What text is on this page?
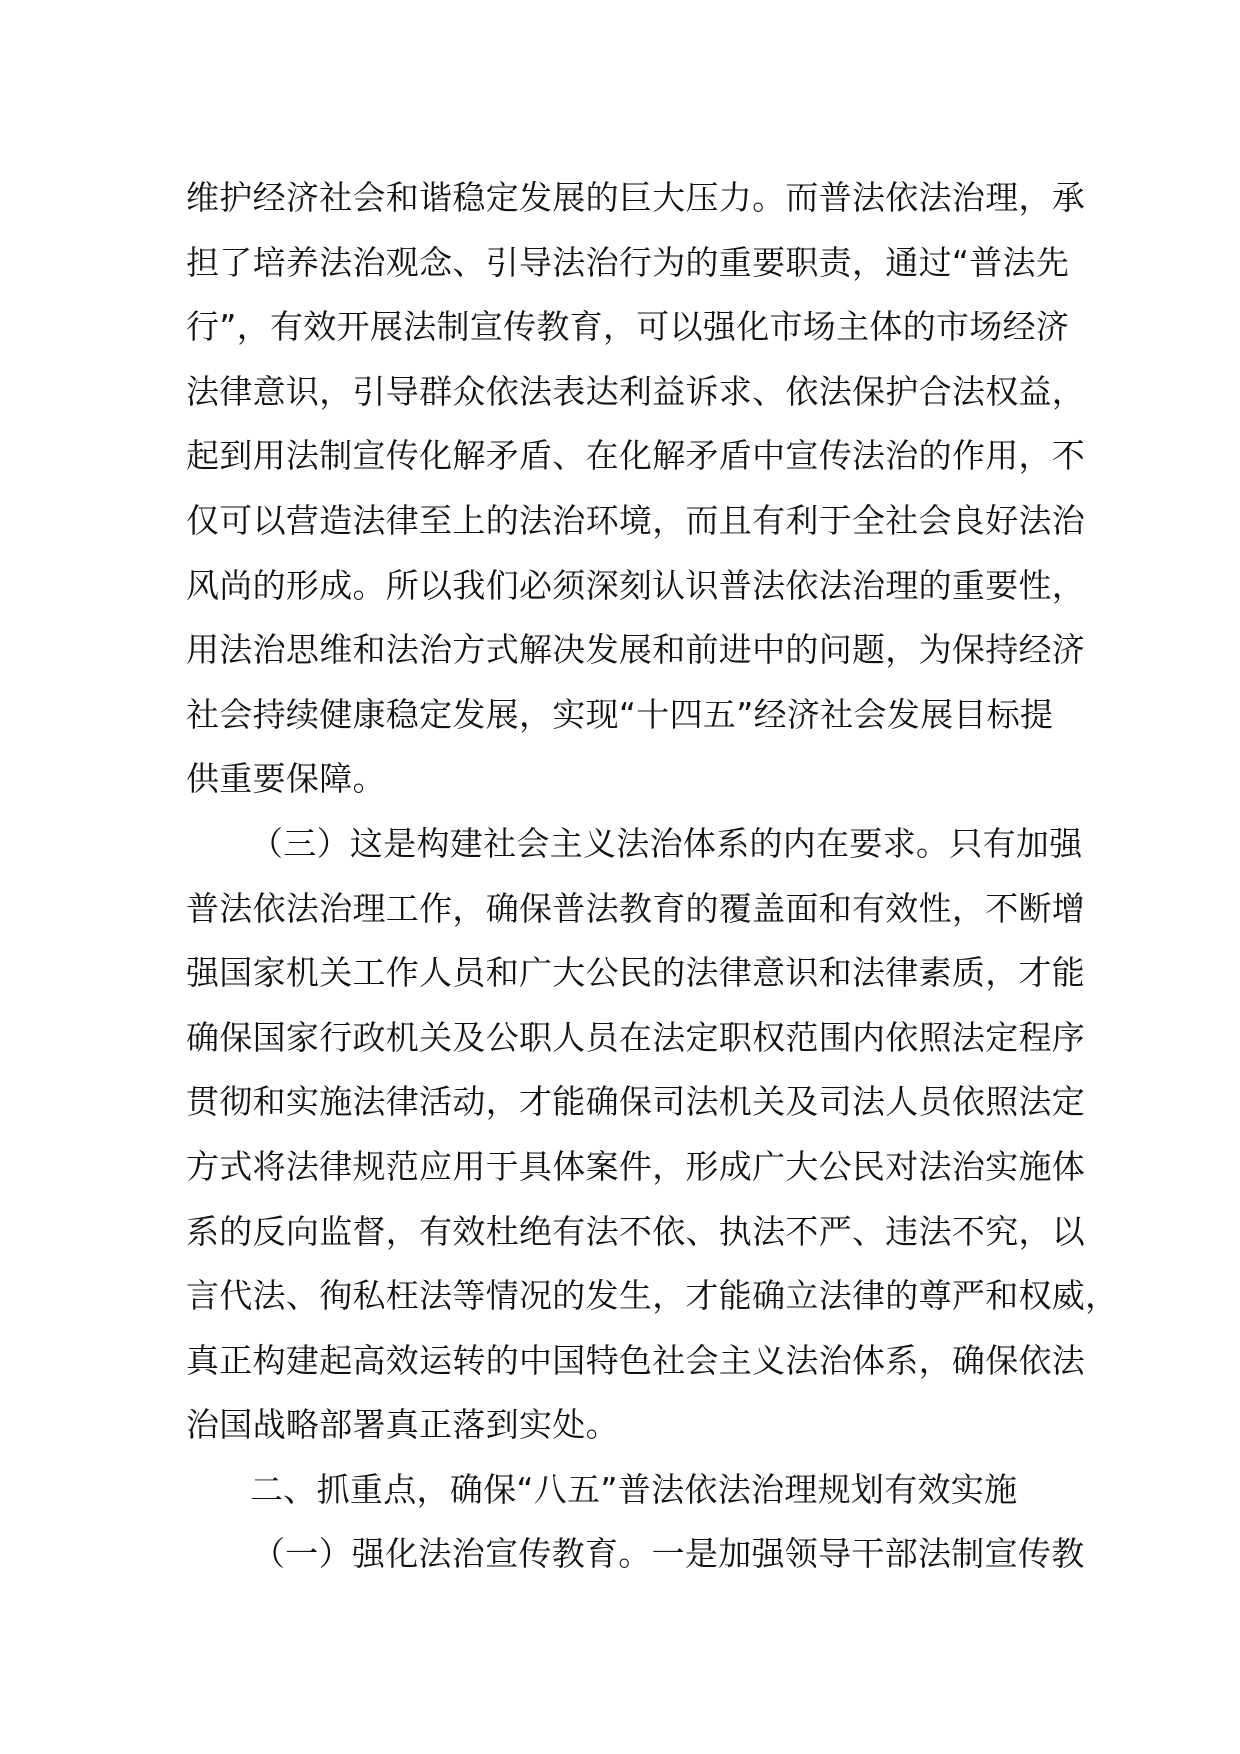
维护经济社会和谐稳定发展的巨大压力。而普法依法治理，承
担了培养法治观念、引导法治行为的重要职责，通过“普法先
行”，有效开展法制宣传教育，可以强化市场主体的市场经济
法律意识，引导群众依法表达利益诉求、依法保护合法权益，
起到用法制宣传化解矛盾、在化解矛盾中宣传法治的作用，不
仅可以营造法律至上的法治环境，而且有利于全社会良好法治
风尚的形成。所以我们必须深刻认识普法依法治理的重要性，
用法治思维和法治方式解决发展和前进中的问题，为保持经济
社会持续健康稳定发展，实现“十四五”经济社会发展目标提
供重要保障。
（三）这是构建社会主义法治体系的内在要求。只有加强
普法依法治理工作，确保普法教育的覆盖面和有效性，不断增
强国家机关工作人员和广大公民的法律意识和法律素质，才能
确保国家行政机关及公职人员在法定职权范围内依照法定程序
贯彻和实施法律活动，才能确保司法机关及司法人员依照法定
方式将法律规范应用于具体案件，形成广大公民对法治实施体
系的反向监督，有效杜绝有法不依、执法不严、违法不究，以
言代法、徇私枉法等情况的发生，才能确立法律的尊严和权威，
真正构建起高效运转的中国特色社会主义法治体系，确保依法
治国战略部署真正落到实处。
二、抓重点，确保“八五”普法依法治理规划有效实施
（一）强化法治宣传教育。一是加强领导干部法制宣传教
